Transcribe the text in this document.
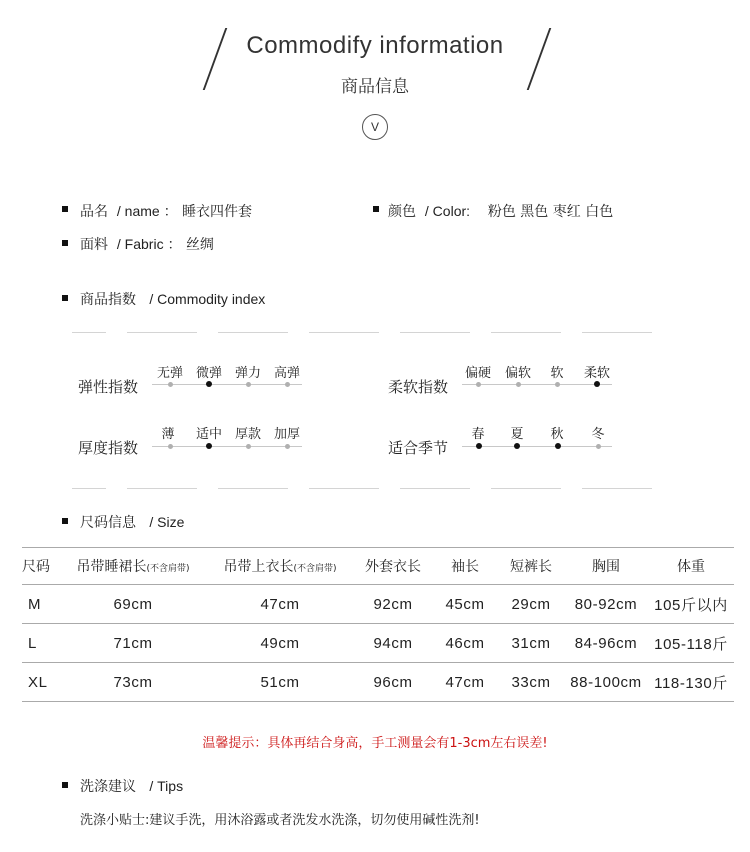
Commodify information
商品信息
V
品名 / name ： 睡衣四件套	颜色 / Color: 粉色 黑色 枣红 白色
面料 / Fabric ： 丝绸
商品指数 / Commodity index
弹性指数
无弹 微弹 弹力 高弹
柔软指数
偏硬	偏软	软	柔软
厚度指数
薄	适中 厚款 加厚
适合季节
春	夏	秋	冬
尺码信息 / Size
尺码	吊带睡裙长(不含肩带)	吊带上衣长(不含肩带)	外套衣长	袖长	短裤长	胸围	体重
M	69cm	47cm	92cm	45cm	29cm	80-92cm	105斤以内
L	71cm	49cm	94cm	46cm	31cm	84-96cm	105-118斤
XL	73cm	51cm	96cm	47cm	33cm	88-100cm	118-130斤
温馨提示：具体再结合身高，手工测量会有1-3cm左右误差!
洗涤建议 / Tips
洗涤小贴士:建议手洗，用沐浴露或者洗发水洗涤，切勿使用碱性洗剂!
